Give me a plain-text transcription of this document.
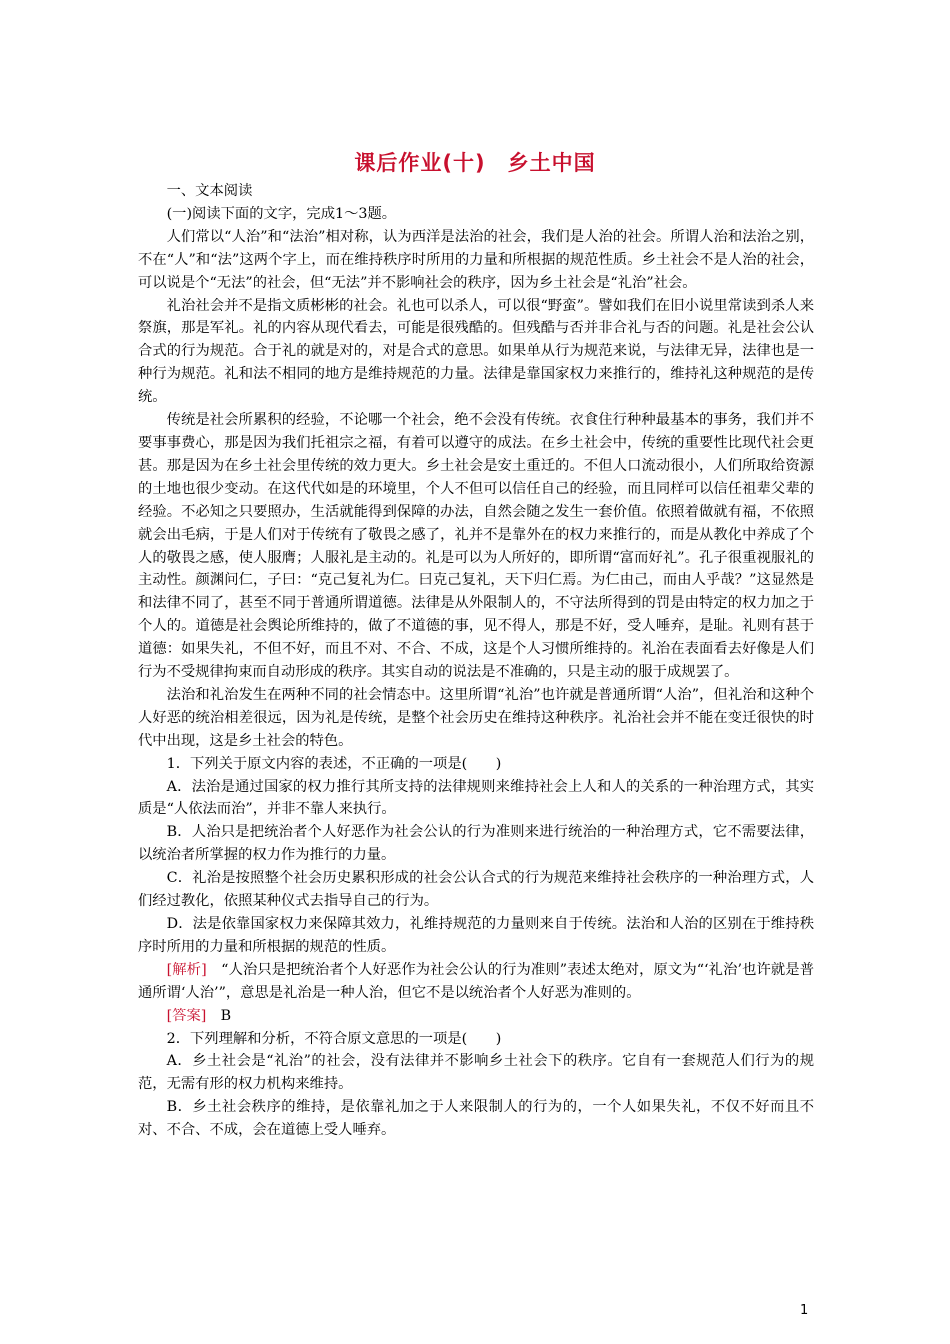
课后作业(十) 乡土中国

一、文本阅读

(一)阅读下面的文字，完成1～3题。

人们常以“人治”和“法治”相对称，认为西洋是法治的社会，我们是人治的社会。所谓人治和法治之别，不在“人”和“法”这两个字上，而在维持秩序时所用的力量和所根据的规范性质。乡土社会不是人治的社会，可以说是个“无法”的社会，但“无法”并不影响社会的秩序，因为乡土社会是“礼治”社会。

礼治社会并不是指文质彬彬的社会。礼也可以杀人，可以很“野蛮”。譬如我们在旧小说里常读到杀人来祭旗，那是军礼。礼的内容从现代看去，可能是很残酷的。但残酷与否并非合礼与否的问题。礼是社会公认合式的行为规范。合于礼的就是对的，对是合式的意思。如果单从行为规范来说，与法律无异，法律也是一种行为规范。礼和法不相同的地方是维持规范的力量。法律是靠国家权力来推行的，维持礼这种规范的是传统。

传统是社会所累积的经验，不论哪一个社会，绝不会没有传统。衣食住行种种最基本的事务，我们并不要事事费心，那是因为我们托祖宗之福，有着可以遵守的成法。在乡土社会中，传统的重要性比现代社会更甚。那是因为在乡土社会里传统的效力更大。乡土社会是安土重迁的。不但人口流动很小，人们所取给资源的土地也很少变动。在这代代如是的环境里，个人不但可以信任自己的经验，而且同样可以信任祖辈父辈的经验。不必知之只要照办，生活就能得到保障的办法，自然会随之发生一套价值。依照着做就有福，不依照就会出毛病，于是人们对于传统有了敬畏之感了，礼并不是靠外在的权力来推行的，而是从教化中养成了个人的敬畏之感，使人服膺；人服礼是主动的。礼是可以为人所好的，即所谓“富而好礼”。孔子很重视服礼的主动性。颜渊问仁，子曰：“克己复礼为仁。曰克己复礼，天下归仁焉。为仁由己，而由人乎哉？”这显然是和法律不同了，甚至不同于普通所谓道德。法律是从外限制人的，不守法所得到的罚是由特定的权力加之于个人的。道德是社会舆论所维持的，做了不道德的事，见不得人，那是不好，受人唾弃，是耻。礼则有甚于道德：如果失礼，不但不好，而且不对、不合、不成，这是个人习惯所维持的。礼治在表面看去好像是人们行为不受规律拘束而自动形成的秩序。其实自动的说法是不准确的，只是主动的服于成规罢了。

法治和礼治发生在两种不同的社会情态中。这里所谓“礼治”也许就是普通所谓“人治”，但礼治和这种个人好恶的统治相差很远，因为礼是传统，是整个社会历史在维持这种秩序。礼治社会并不能在变迁很快的时代中出现，这是乡土社会的特色。

1．下列关于原文内容的表述，不正确的一项是(　　)

A．法治是通过国家的权力推行其所支持的法律规则来维持社会上人和人的关系的一种治理方式，其实质是“人依法而治”，并非不靠人来执行。

B．人治只是把统治者个人好恶作为社会公认的行为准则来进行统治的一种治理方式，它不需要法律，以统治者所掌握的权力作为推行的力量。

C．礼治是按照整个社会历史累积形成的社会公认合式的行为规范来维持社会秩序的一种治理方式，人们经过教化，依照某种仪式去指导自己的行为。

D．法是依靠国家权力来保障其效力，礼维持规范的力量则来自于传统。法治和人治的区别在于维持秩序时所用的力量和所根据的规范的性质。

[解析]　“人治只是把统治者个人好恶作为社会公认的行为准则”表述太绝对，原文为“‘礼治’也许就是普通所谓‘人治’”，意思是礼治是一种人治，但它不是以统治者个人好恶为准则的。

[答案]　B

2．下列理解和分析，不符合原文意思的一项是(　　)

A．乡土社会是“礼治”的社会，没有法律并不影响乡土社会下的秩序。它自有一套规范人们行为的规范，无需有形的权力机构来维持。

B．乡土社会秩序的维持，是依靠礼加之于人来限制人的行为的，一个人如果失礼，不仅不好而且不对、不合、不成，会在道德上受人唾弃。

1
